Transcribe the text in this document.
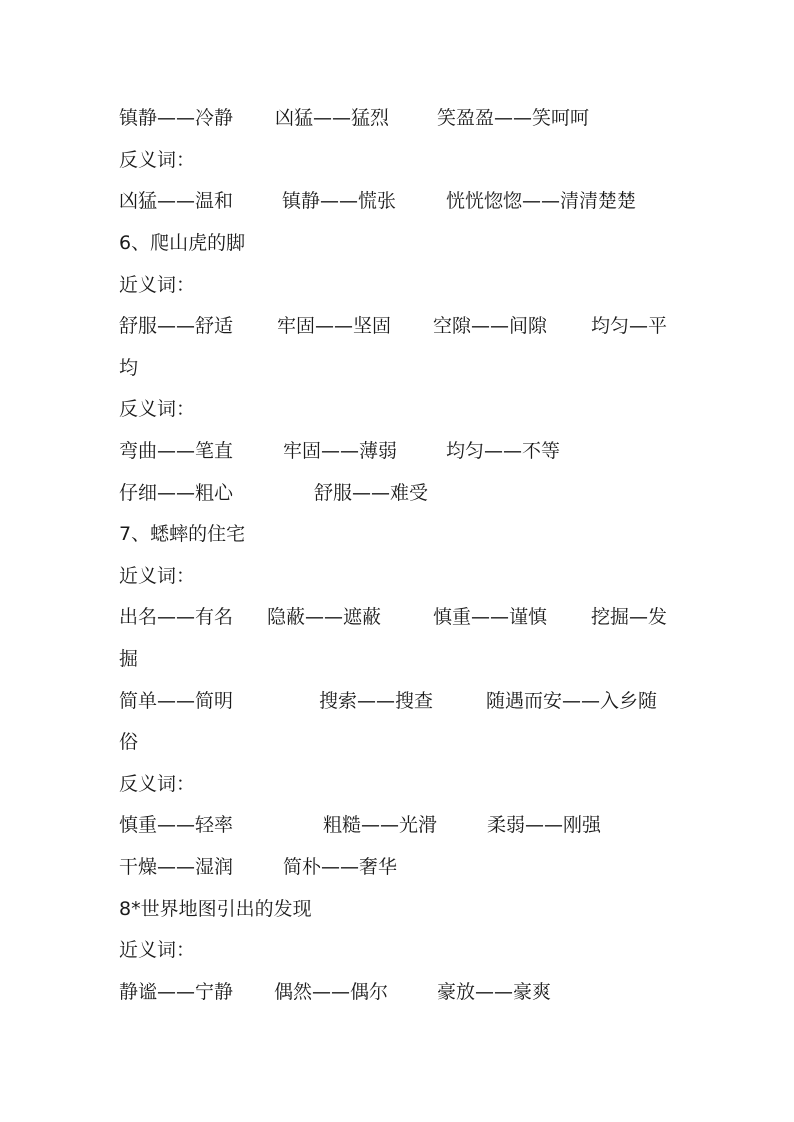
镇静——冷静 凶猛——猛烈	笑盈盈——笑呵呵
反义词：
凶猛——温和	镇静——慌张	恍恍惚惚——清清楚楚
6、爬山虎的脚
近义词：
舒服——舒适 牢固——坚固 空隙——间隙 均匀—平
均
反义词：
弯曲——笔直	牢固——薄弱	均匀——不等
仔细——粗心	舒服——难受
7、蟋蟀的住宅
近义词：
出名——有名 隐蔽——遮蔽	慎重——谨慎 挖掘—发
掘
简单——简明	搜索——搜查	随遇而安——入乡随
俗
反义词：
慎重——轻率	粗糙——光滑	柔弱——刚强
干燥——湿润	简朴——奢华
8*世界地图引出的发现
近义词：
静谧——宁静 偶然——偶尔	豪放——豪爽
